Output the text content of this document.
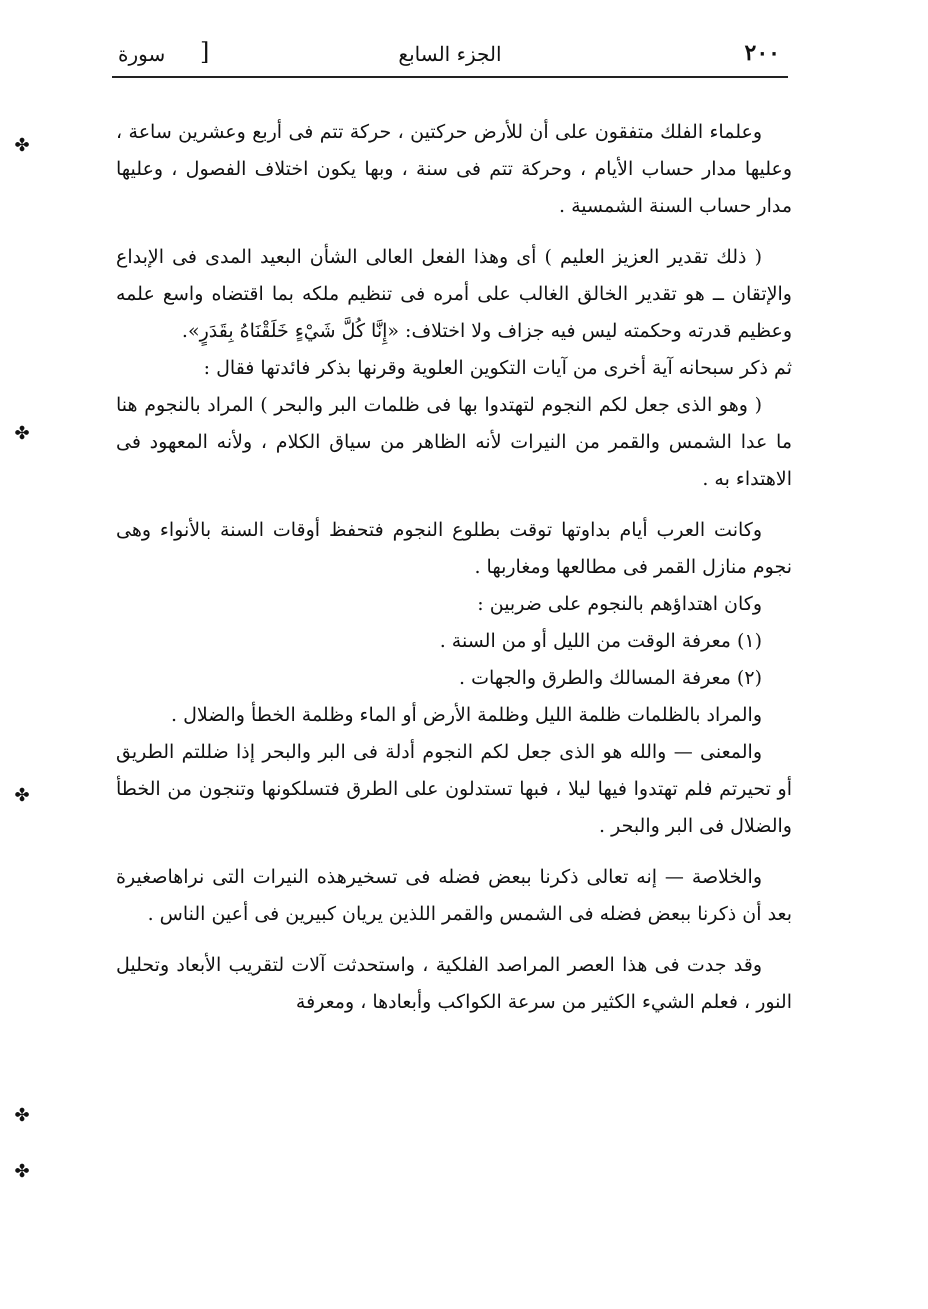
٢٠٠
الجزء السابع
[
سورة

وعلماء الفلك متفقون على أن للأرض حركتين ، حركة تتم فى أربع وعشرين ساعة ، وعليها مدار حساب الأيام ، وحركة تتم فى سنة ، وبها يكون اختلاف الفصول ، وعليها مدار حساب السنة الشمسية .

( ذلك تقدير العزيز العليم ) أى وهذا الفعل العالى الشأن البعيد المدى فى الإبداع والإتقان ــ هو تقدير الخالق الغالب على أمره فى تنظيم ملكه بما اقتضاه واسع علمه وعظيم قدرته وحكمته ليس فيه جزاف ولا اختلاف: «إِنَّا كُلَّ شَيْءٍ خَلَقْنَاهُ بِقَدَرٍ».

ثم ذكر سبحانه آية أخرى من آيات التكوين العلوية وقرنها بذكر فائدتها فقال :

( وهو الذى جعل لكم النجوم لتهتدوا بها فى ظلمات البر والبحر ) المراد بالنجوم هنا ما عدا الشمس والقمر من النيرات لأنه الظاهر من سياق الكلام ، ولأنه المعهود فى الاهتداء به .

وكانت العرب أيام بداوتها توقت بطلوع النجوم فتحفظ أوقات السنة بالأنواء وهى نجوم منازل القمر فى مطالعها ومغاربها .

وكان اهتداؤهم بالنجوم على ضربين :

(١) معرفة الوقت من الليل أو من السنة .

(٢) معرفة المسالك والطرق والجهات .

والمراد بالظلمات ظلمة الليل وظلمة الأرض أو الماء وظلمة الخطأ والضلال .

والمعنى — والله هو الذى جعل لكم النجوم أدلة فى البر والبحر إذا ضللتم الطريق أو تحيرتم فلم تهتدوا فيها ليلا ، فبها تستدلون على الطرق فتسلكونها وتنجون من الخطأ والضلال فى البر والبحر .

والخلاصة — إنه تعالى ذكرنا ببعض فضله فى تسخيرهذه النيرات التى نراهاصغيرة بعد أن ذكرنا ببعض فضله فى الشمس والقمر اللذين يريان كبيرين فى أعين الناس .

وقد جدت فى هذا العصر المراصد الفلكية ، واستحدثت آلات لتقريب الأبعاد وتحليل النور ، فعلم الشيء الكثير من سرعة الكواكب وأبعادها ، ومعرفة

✤
✤
✤
✤
✤
